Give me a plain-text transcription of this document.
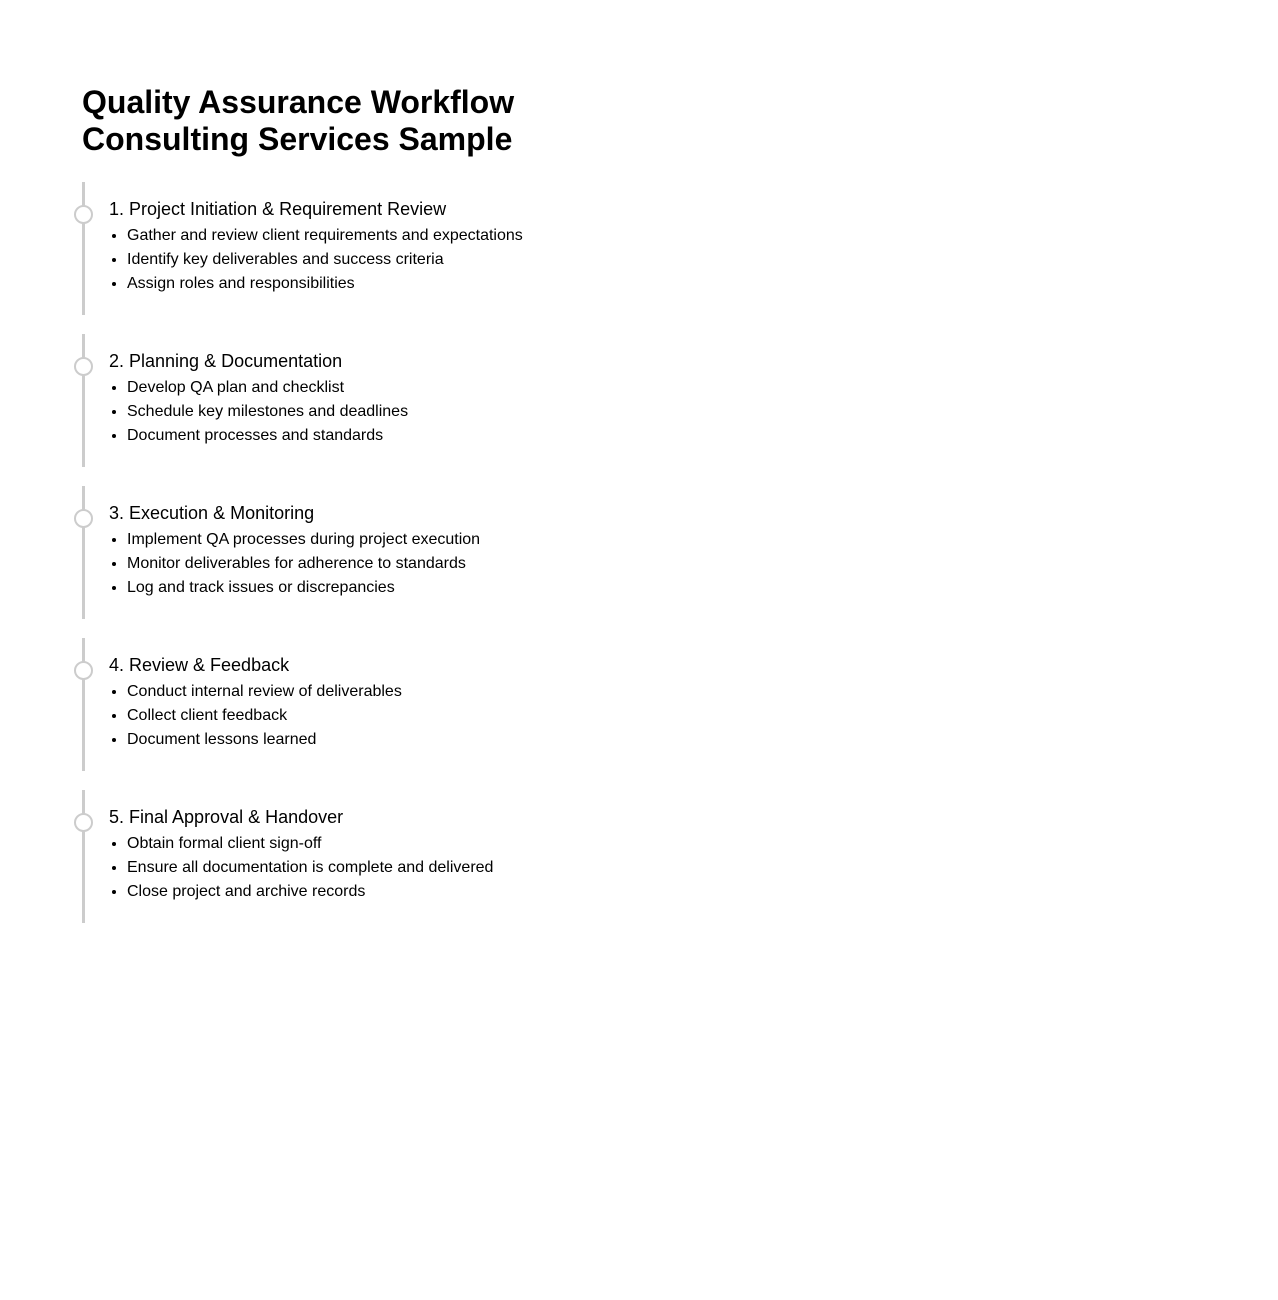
Quality Assurance Workflow Consulting Services Sample
1. Project Initiation & Requirement Review
• Gather and review client requirements and expectations
• Identify key deliverables and success criteria
• Assign roles and responsibilities
2. Planning & Documentation
• Develop QA plan and checklist
• Schedule key milestones and deadlines
• Document processes and standards
3. Execution & Monitoring
• Implement QA processes during project execution
• Monitor deliverables for adherence to standards
• Log and track issues or discrepancies
4. Review & Feedback
• Conduct internal review of deliverables
• Collect client feedback
• Document lessons learned
5. Final Approval & Handover
• Obtain formal client sign-off
• Ensure all documentation is complete and delivered
• Close project and archive records
